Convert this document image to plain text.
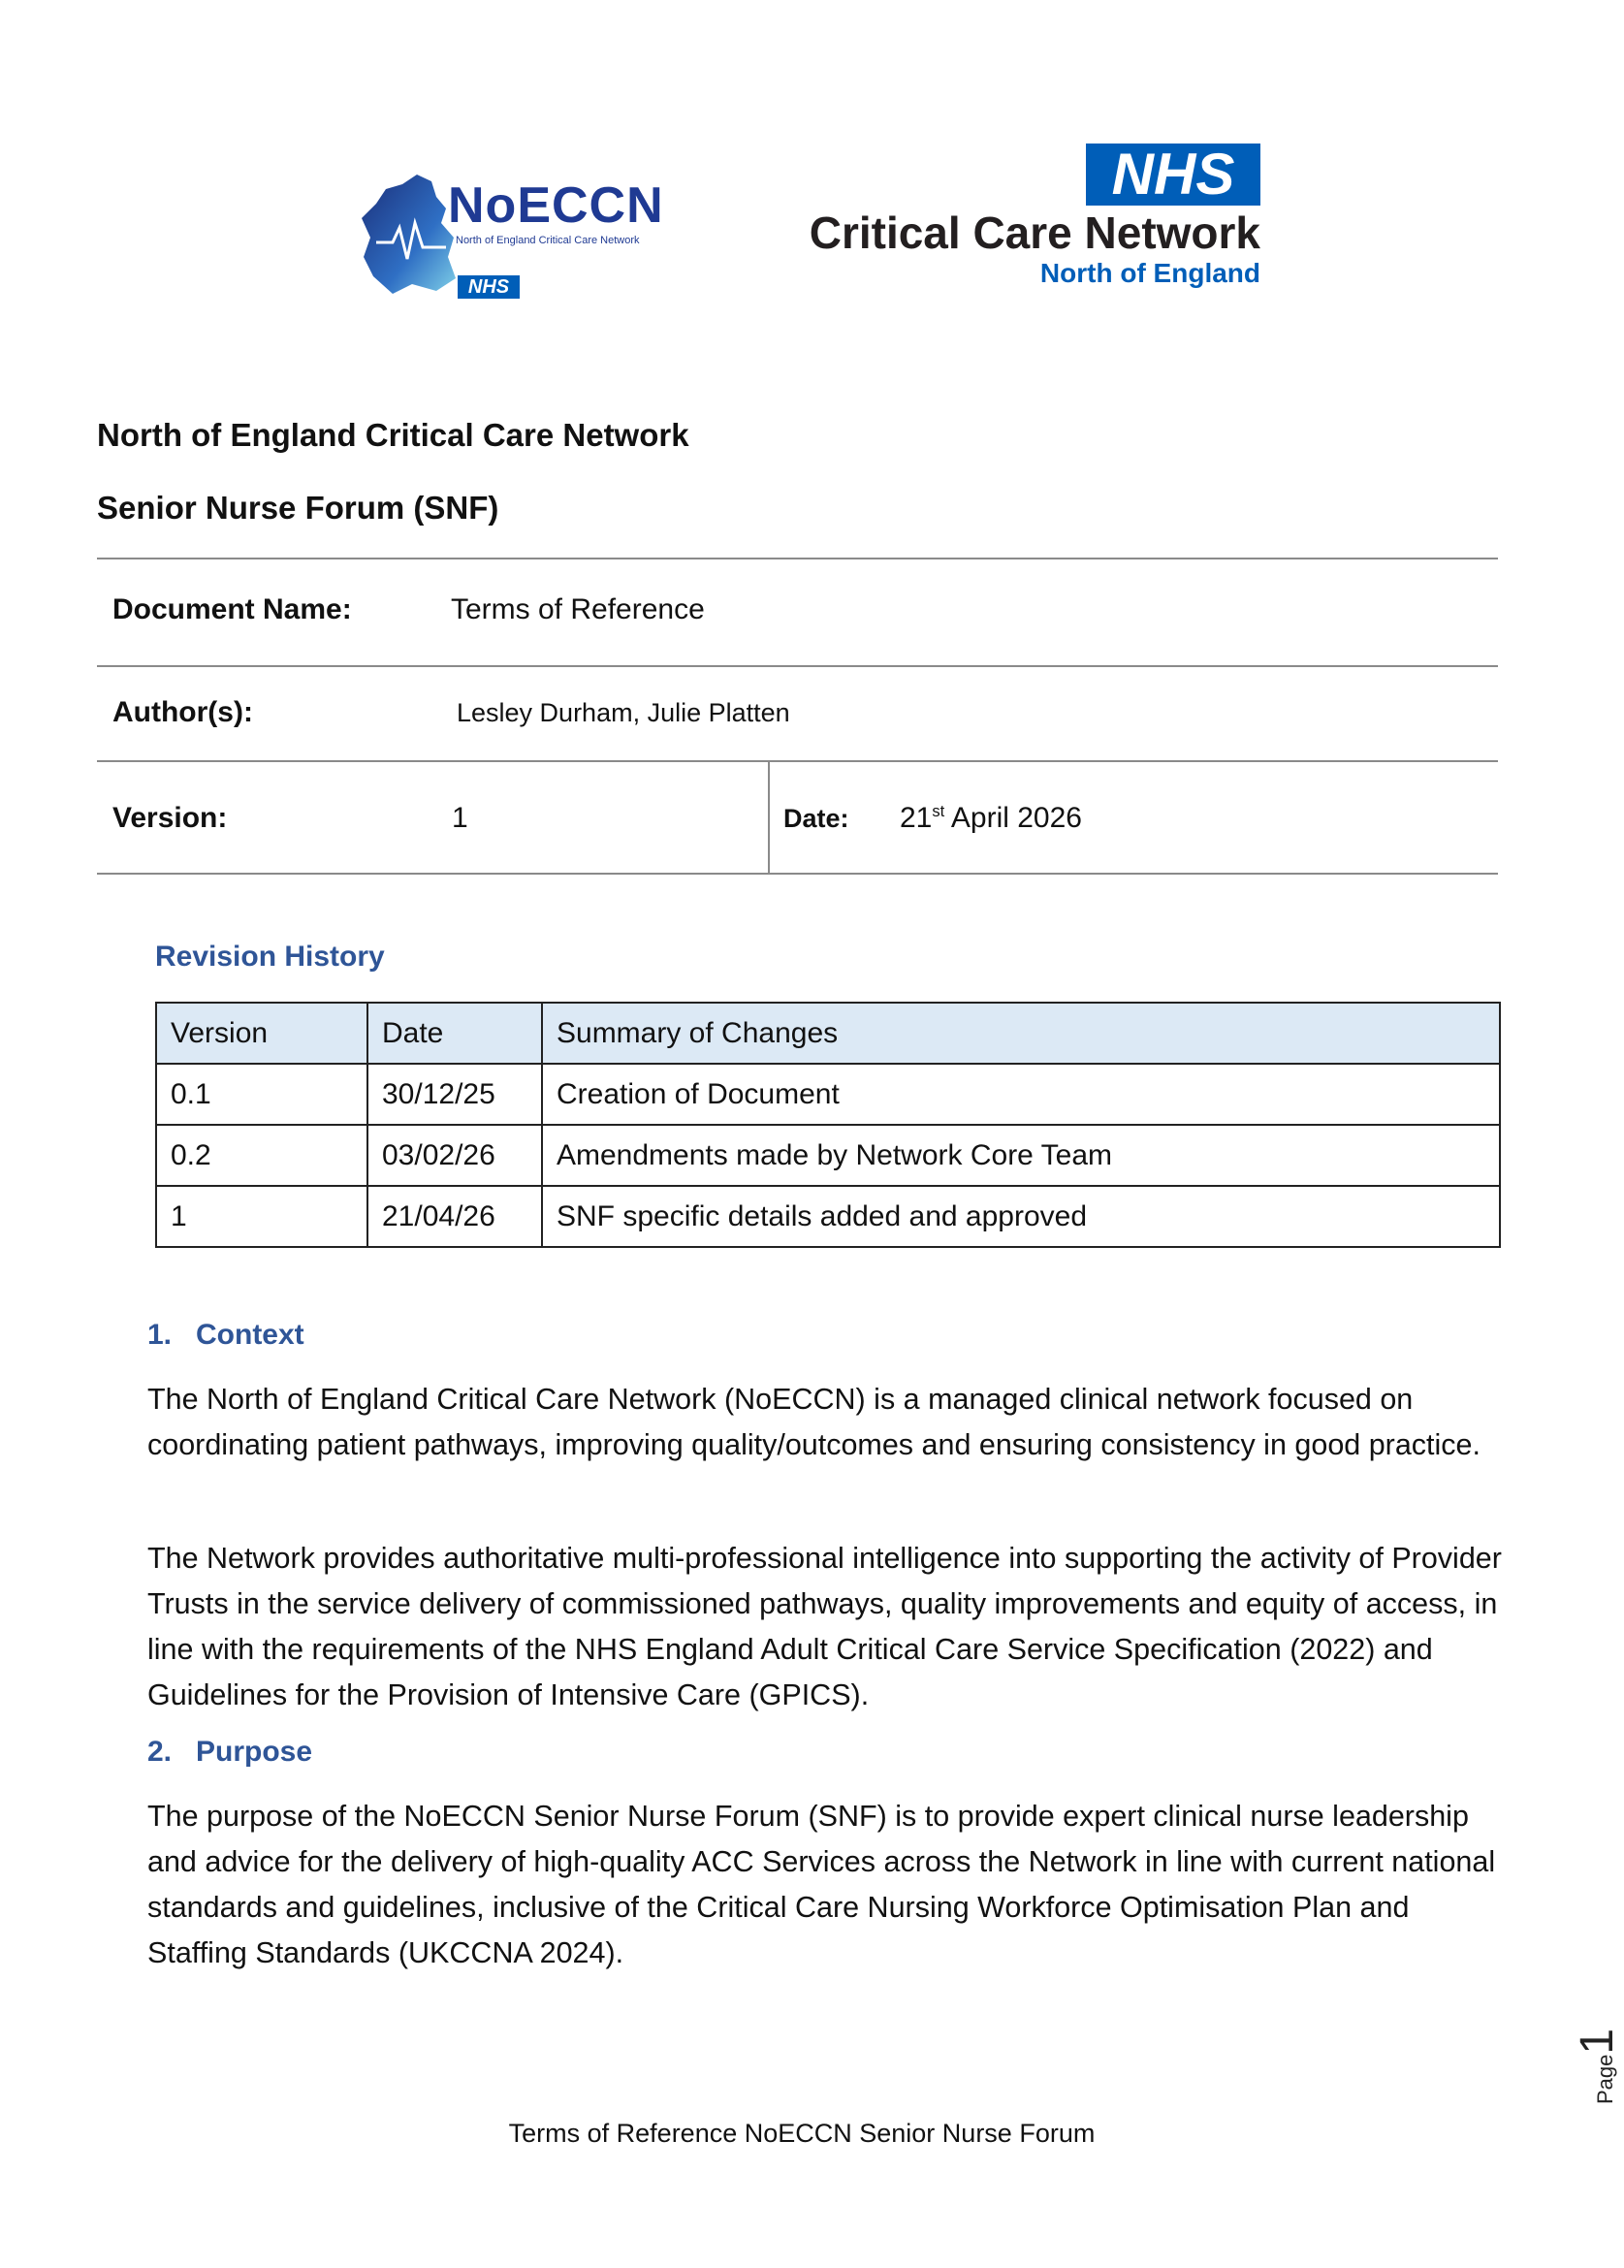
NoECCN
North of England Critical Care Network
NHS
NHS
Critical Care Network
North of England
North of England Critical Care Network
Senior Nurse Forum (SNF)
Document Name:	Terms of Reference
Author(s):	Lesley Durham, Julie Platten
Version:	1	Date: 21st April 2026
Revision History
Version	Date	Summary of Changes
0.1	30/12/25	Creation of Document
0.2	03/02/26	Amendments made by Network Core Team
1	21/04/26	SNF specific details added and approved
1. Context
The North of England Critical Care Network (NoECCN) is a managed clinical network focused on coordinating patient pathways, improving quality/outcomes and ensuring consistency in good practice.
The Network provides authoritative multi-professional intelligence into supporting the activity of Provider Trusts in the service delivery of commissioned pathways, quality improvements and equity of access, in line with the requirements of the NHS England Adult Critical Care Service Specification (2022) and Guidelines for the Provision of Intensive Care (GPICS).
2. Purpose
The purpose of the NoECCN Senior Nurse Forum (SNF) is to provide expert clinical nurse leadership and advice for the delivery of high-quality ACC Services across the Network in line with current national standards and guidelines, inclusive of the Critical Care Nursing Workforce Optimisation Plan and Staffing Standards (UKCCNA 2024).
Page1
Terms of Reference NoECCN Senior Nurse Forum
